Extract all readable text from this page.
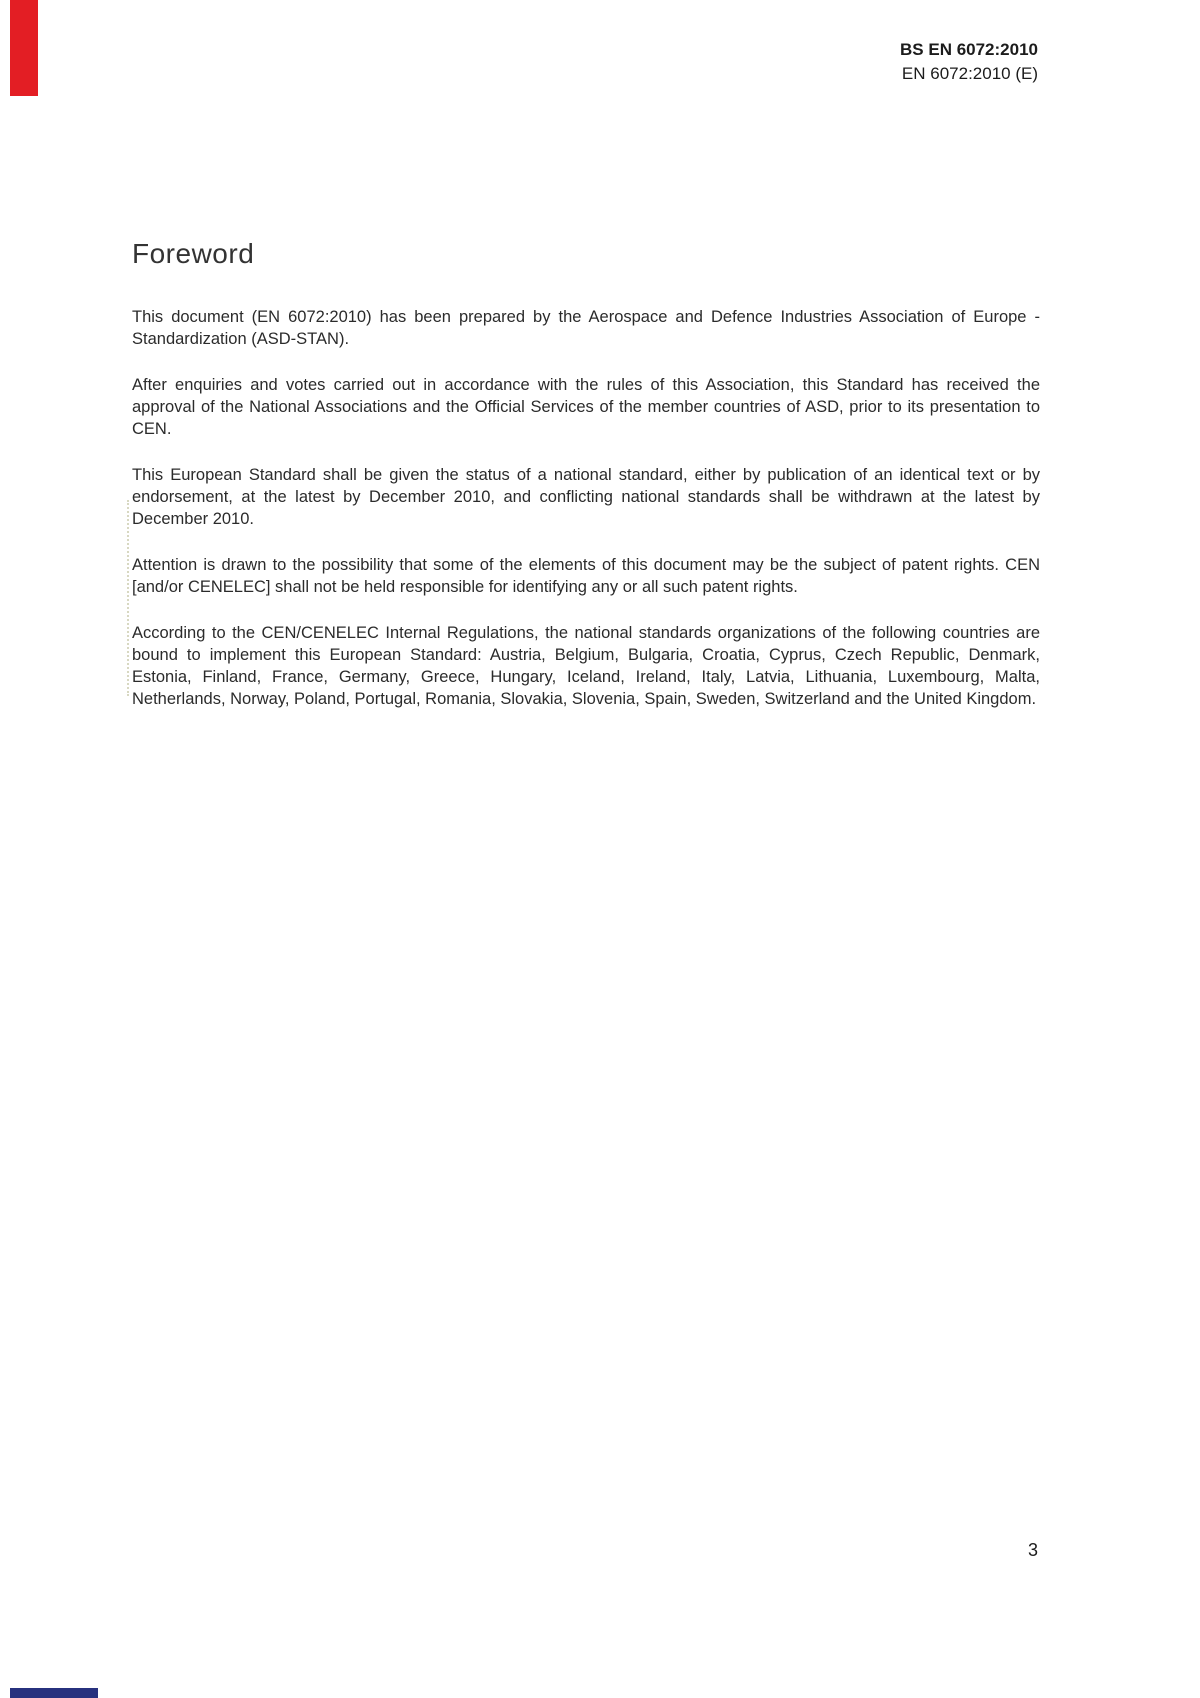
BS EN 6072:2010
EN 6072:2010 (E)
Foreword

This document (EN 6072:2010) has been prepared by the Aerospace and Defence Industries Association of Europe - Standardization (ASD-STAN).

After enquiries and votes carried out in accordance with the rules of this Association, this Standard has received the approval of the National Associations and the Official Services of the member countries of ASD, prior to its presentation to CEN.

This European Standard shall be given the status of a national standard, either by publication of an identical text or by endorsement, at the latest by December 2010, and conflicting national standards shall be withdrawn at the latest by December 2010.

Attention is drawn to the possibility that some of the elements of this document may be the subject of patent rights. CEN [and/or CENELEC] shall not be held responsible for identifying any or all such patent rights.

According to the CEN/CENELEC Internal Regulations, the national standards organizations of the following countries are bound to implement this European Standard: Austria, Belgium, Bulgaria, Croatia, Cyprus, Czech Republic, Denmark, Estonia, Finland, France, Germany, Greece, Hungary, Iceland, Ireland, Italy, Latvia, Lithuania, Luxembourg, Malta, Netherlands, Norway, Poland, Portugal, Romania, Slovakia, Slovenia, Spain, Sweden, Switzerland and the United Kingdom.

3
